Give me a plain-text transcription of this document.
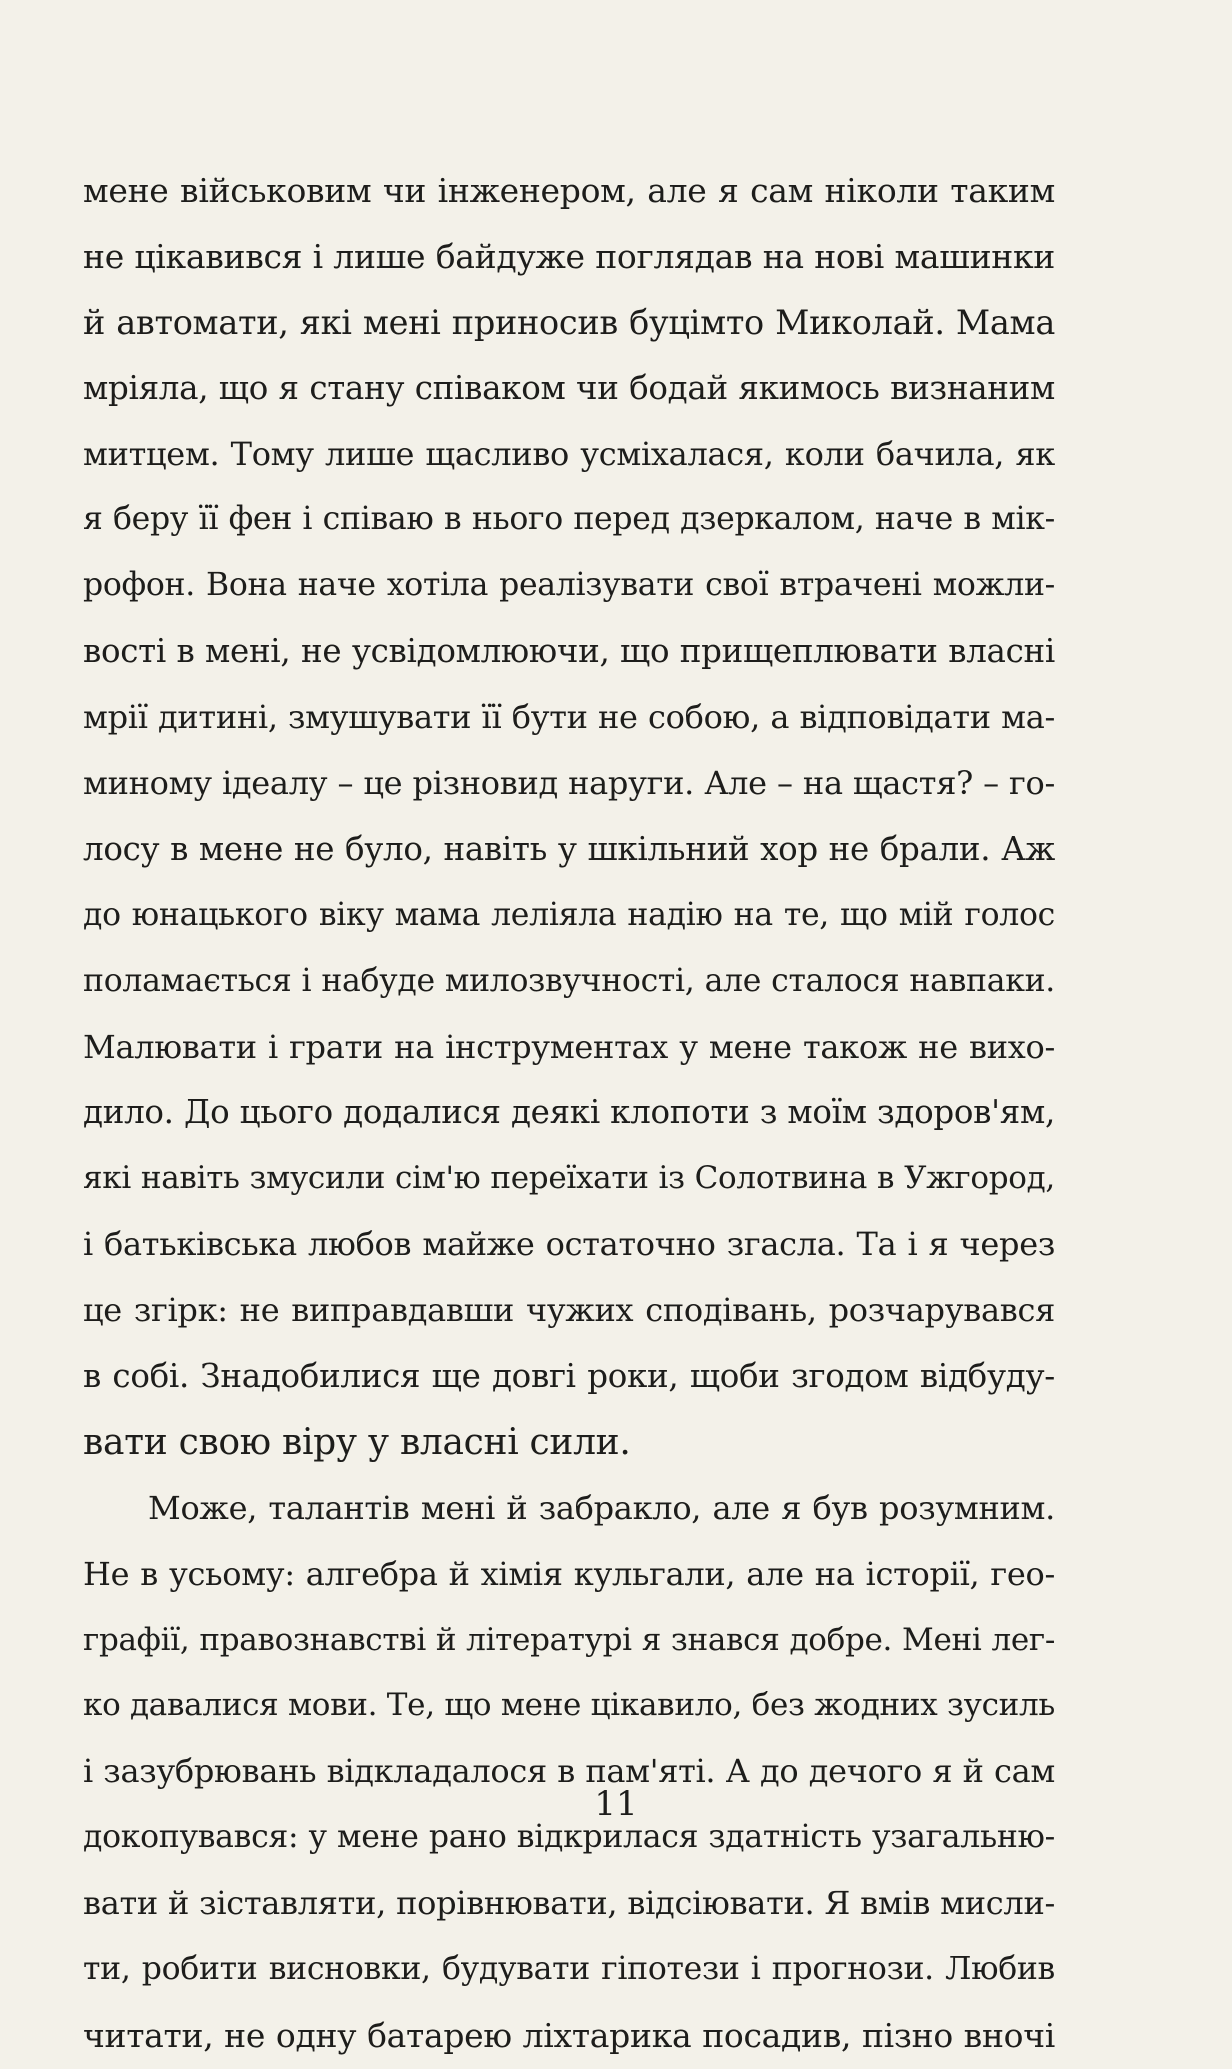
мене військовим чи інженером, але я сам ніколи таким
не цікавився і лише байдуже поглядав на нові машинки
й автомати, які мені приносив буцімто Миколай. Мама
мріяла, що я стану співаком чи бодай якимось визнаним
митцем. Тому лише щасливо усміхалася, коли бачила, як
я беру її фен і співаю в нього перед дзеркалом, наче в мік-
рофон. Вона наче хотіла реалізувати свої втрачені можли-
вості в мені, не усвідомлюючи, що прищеплювати власні
мрії дитині, змушувати її бути не собою, а відповідати ма-
миному ідеалу – це різновид наруги. Але – на щастя? – го-
лосу в мене не було, навіть у шкільний хор не брали. Аж
до юнацького віку мама леліяла надію на те, що мій голос
поламається і набуде милозвучності, але сталося навпаки.
Малювати і грати на інструментах у мене також не вихо-
дило. До цього додалися деякі клопоти з моїм здоров'ям,
які навіть змусили сім'ю переїхати із Солотвина в Ужгород,
і батьківська любов майже остаточно згасла. Та і я через
це згірк: не виправдавши чужих сподівань, розчарувався
в собі. Знадобилися ще довгі роки, щоби згодом відбуду-
вати свою віру у власні сили.
Може, талантів мені й забракло, але я був розумним.
Не в усьому: алгебра й хімія кульгали, але на історії, гео-
графії, правознавстві й літературі я знався добре. Мені лег-
ко давалися мови. Те, що мене цікавило, без жодних зусиль
і зазубрювань відкладалося в пам'яті. А до дечого я й сам
докопувався: у мене рано відкрилася здатність узагальню-
вати й зіставляти, порівнювати, відсіювати. Я вмів мисли-
ти, робити висновки, будувати гіпотези і прогнози. Любив
читати, не одну батарею ліхтарика посадив, пізно вночі
11
